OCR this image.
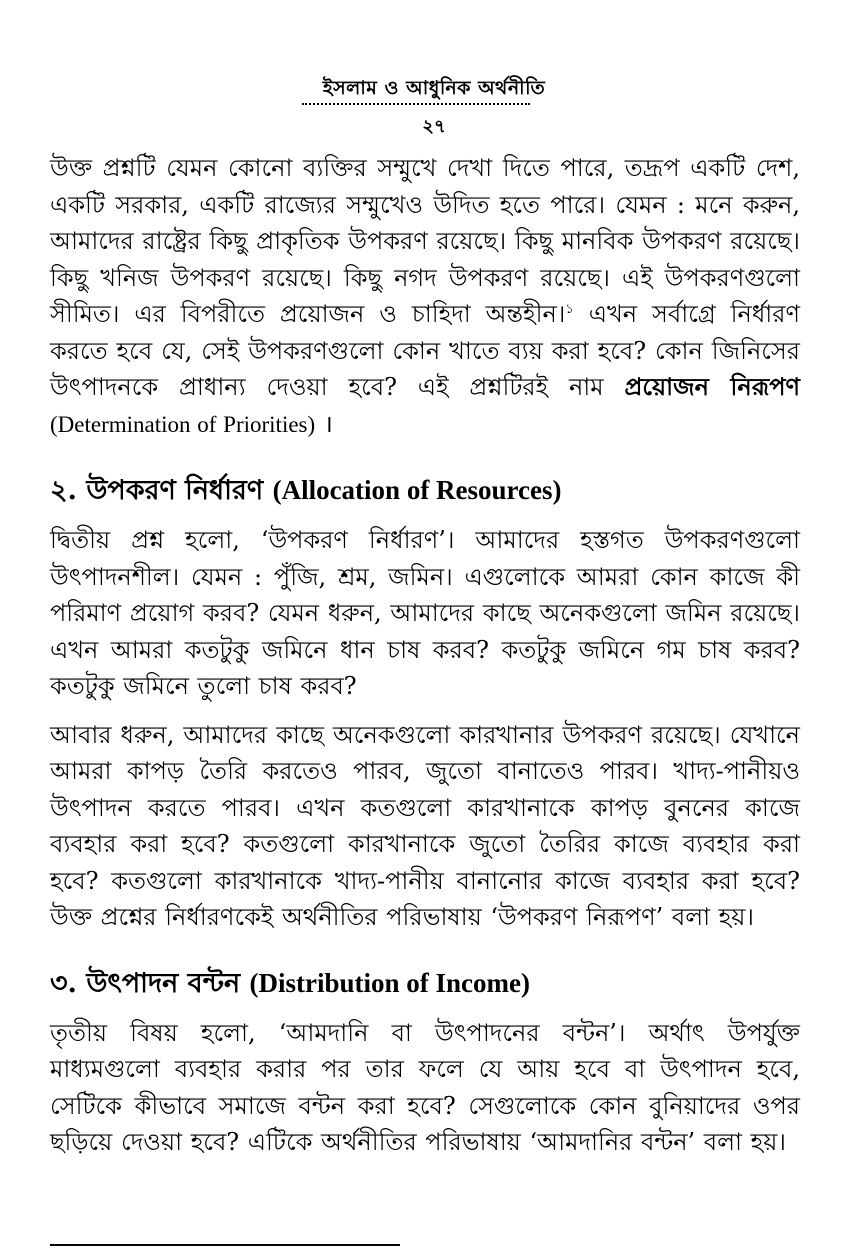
ইসলাম ও আধুনিক অর্থনীতি
২৭

উক্ত প্রশ্নটি যেমন কোনো ব্যক্তির সম্মুখে দেখা দিতে পারে, তদ্রূপ একটি দেশ, একটি সরকার, একটি রাজ্যের সম্মুখেও উদিত হতে পারে। যেমন : মনে করুন, আমাদের রাষ্ট্রের কিছু প্রাকৃতিক উপকরণ রয়েছে। কিছু মানবিক উপকরণ রয়েছে। কিছু খনিজ উপকরণ রয়েছে। কিছু নগদ উপকরণ রয়েছে। এই উপকরণগুলো সীমিত। এর বিপরীতে প্রয়োজন ও চাহিদা অন্তহীন।$^১$ এখন সর্বাগ্রে নির্ধারণ করতে হবে যে, সেই উপকরণগুলো কোন খাতে ব্যয় করা হবে? কোন জিনিসের উৎপাদনকে প্রাধান্য দেওয়া হবে? এই প্রশ্নটিরই নাম প্রয়োজন নিরূপণ (Determination of Priorities) ।

২. উপকরণ নির্ধারণ (Allocation of Resources)

দ্বিতীয় প্রশ্ন হলো, ‘উপকরণ নির্ধারণ’। আমাদের হস্তগত উপকরণগুলো উৎপাদনশীল। যেমন : পুঁজি, শ্রম, জমিন। এগুলোকে আমরা কোন কাজে কী পরিমাণ প্রয়োগ করব? যেমন ধরুন, আমাদের কাছে অনেকগুলো জমিন রয়েছে। এখন আমরা কতটুকু জমিনে ধান চাষ করব? কতটুকু জমিনে গম চাষ করব? কতটুকু জমিনে তুলো চাষ করব?

আবার ধরুন, আমাদের কাছে অনেকগুলো কারখানার উপকরণ রয়েছে। যেখানে আমরা কাপড় তৈরি করতেও পারব, জুতো বানাতেও পারব। খাদ্য-পানীয়ও উৎপাদন করতে পারব। এখন কতগুলো কারখানাকে কাপড় বুননের কাজে ব্যবহার করা হবে? কতগুলো কারখানাকে জুতো তৈরির কাজে ব্যবহার করা হবে? কতগুলো কারখানাকে খাদ্য-পানীয় বানানোর কাজে ব্যবহার করা হবে? উক্ত প্রশ্নের নির্ধারণকেই অর্থনীতির পরিভাষায় ‘উপকরণ নিরূপণ’ বলা হয়।

৩. উৎপাদন বন্টন (Distribution of Income)

তৃতীয় বিষয় হলো, ‘আমদানি বা উৎপাদনের বন্টন’। অর্থাৎ উপর্যুক্ত মাধ্যমগুলো ব্যবহার করার পর তার ফলে যে আয় হবে বা উৎপাদন হবে, সেটিকে কীভাবে সমাজে বন্টন করা হবে? সেগুলোকে কোন বুনিয়াদের ওপর ছড়িয়ে দেওয়া হবে? এটিকে অর্থনীতির পরিভাষায় ‘আমদানির বন্টন’ বলা হয়।
